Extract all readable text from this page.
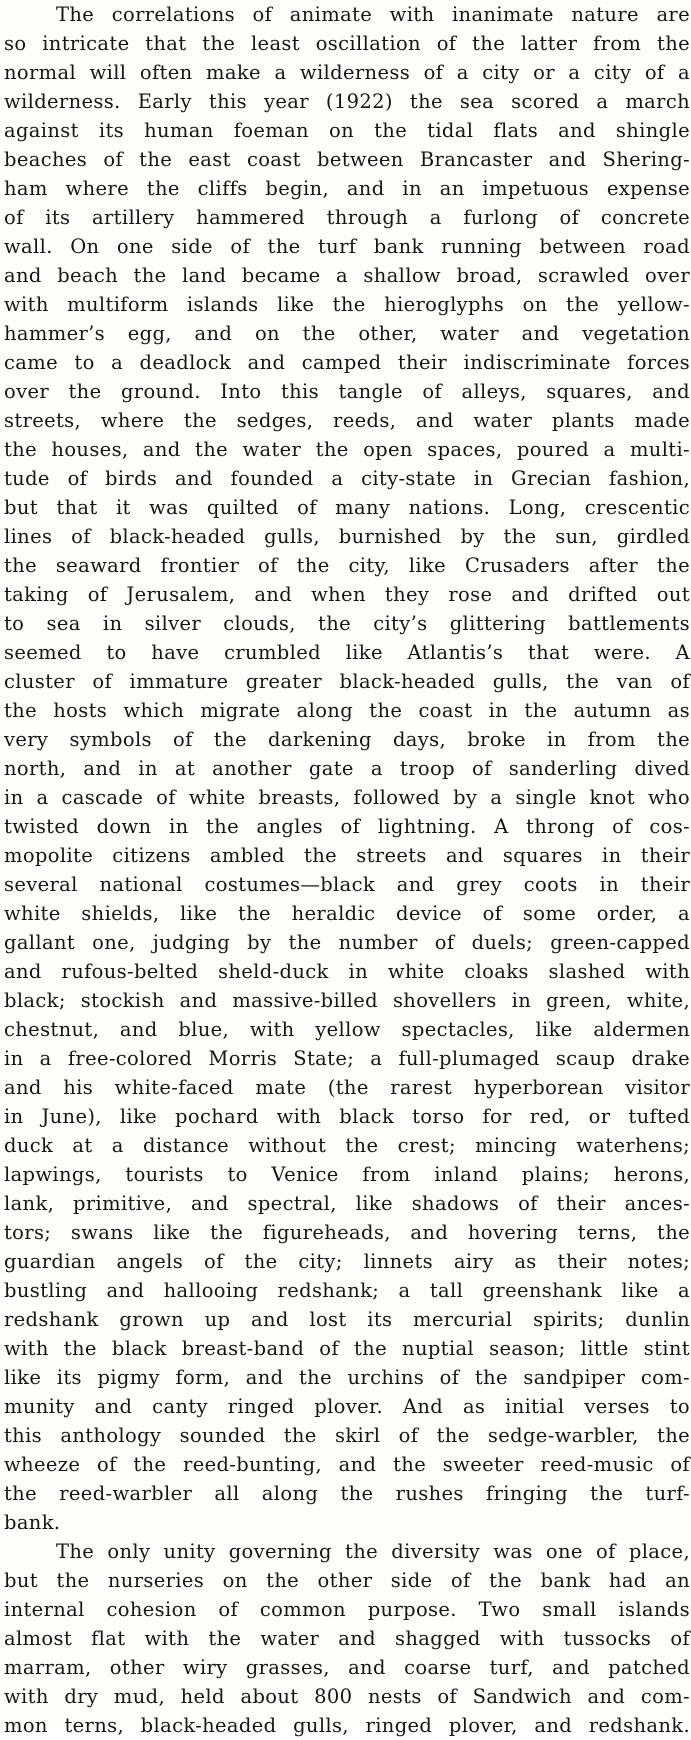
The correlations of animate with inanimate nature are
so intricate that the least oscillation of the latter from the
normal will often make a wilderness of a city or a city of a
wilderness. Early this year (1922) the sea scored a march
against its human foeman on the tidal flats and shingle
beaches of the east coast between Brancaster and Shering-
ham where the cliffs begin, and in an impetuous expense
of its artillery hammered through a furlong of concrete
wall. On one side of the turf bank running between road
and beach the land became a shallow broad, scrawled over
with multiform islands like the hieroglyphs on the yellow-
hammer’s egg, and on the other, water and vegetation
came to a deadlock and camped their indiscriminate forces
over the ground. Into this tangle of alleys, squares, and
streets, where the sedges, reeds, and water plants made
the houses, and the water the open spaces, poured a multi-
tude of birds and founded a city-state in Grecian fashion,
but that it was quilted of many nations. Long, crescentic
lines of black-headed gulls, burnished by the sun, girdled
the seaward frontier of the city, like Crusaders after the
taking of Jerusalem, and when they rose and drifted out
to sea in silver clouds, the city’s glittering battlements
seemed to have crumbled like Atlantis’s that were. A
cluster of immature greater black-headed gulls, the van of
the hosts which migrate along the coast in the autumn as
very symbols of the darkening days, broke in from the
north, and in at another gate a troop of sanderling dived
in a cascade of white breasts, followed by a single knot who
twisted down in the angles of lightning. A throng of cos-
mopolite citizens ambled the streets and squares in their
several national costumes—black and grey coots in their
white shields, like the heraldic device of some order, a
gallant one, judging by the number of duels; green-capped
and rufous-belted sheld-duck in white cloaks slashed with
black; stockish and massive-billed shovellers in green, white,
chestnut, and blue, with yellow spectacles, like aldermen
in a free-colored Morris State; a full-plumaged scaup drake
and his white-faced mate (the rarest hyperborean visitor
in June), like pochard with black torso for red, or tufted
duck at a distance without the crest; mincing waterhens;
lapwings, tourists to Venice from inland plains; herons,
lank, primitive, and spectral, like shadows of their ances-
tors; swans like the figureheads, and hovering terns, the
guardian angels of the city; linnets airy as their notes;
bustling and hallooing redshank; a tall greenshank like a
redshank grown up and lost its mercurial spirits; dunlin
with the black breast-band of the nuptial season; little stint
like its pigmy form, and the urchins of the sandpiper com-
munity and canty ringed plover. And as initial verses to
this anthology sounded the skirl of the sedge-warbler, the
wheeze of the reed-bunting, and the sweeter reed-music of
the reed-warbler all along the rushes fringing the turf-
bank.
The only unity governing the diversity was one of place,
but the nurseries on the other side of the bank had an
internal cohesion of common purpose. Two small islands
almost flat with the water and shagged with tussocks of
marram, other wiry grasses, and coarse turf, and patched
with dry mud, held about 800 nests of Sandwich and com-
mon terns, black-headed gulls, ringed plover, and redshank.
